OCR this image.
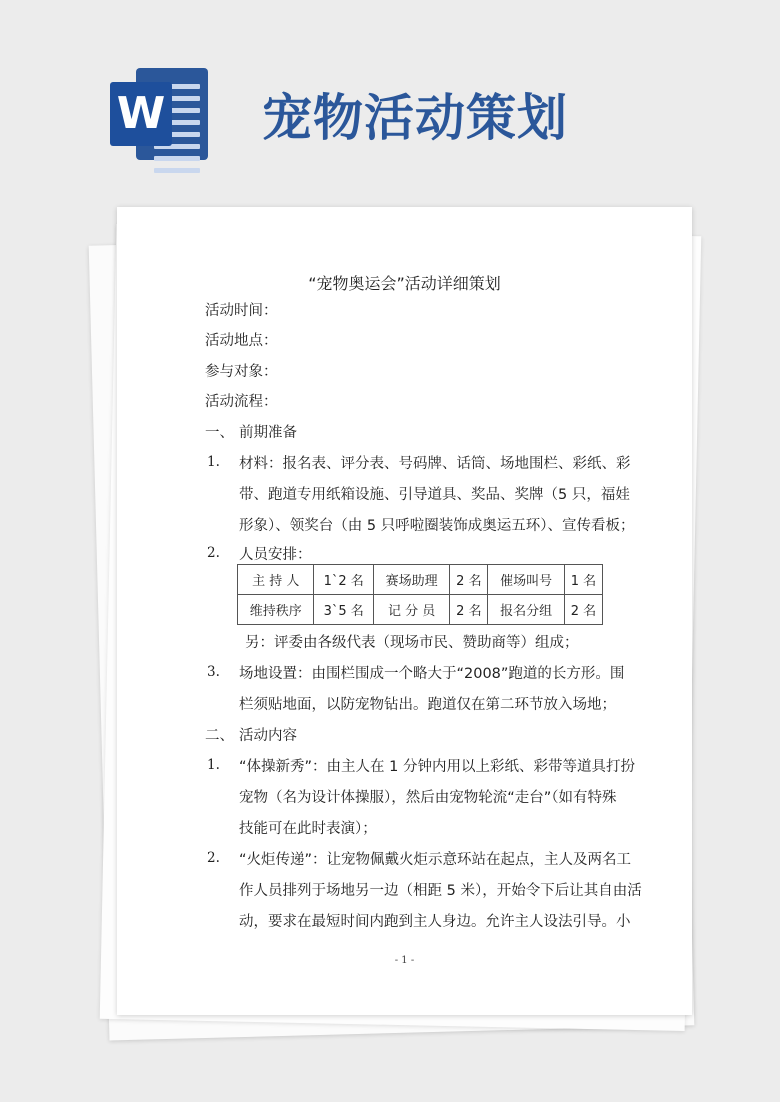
W 宠物活动策划
“宠物奥运会”活动详细策划
活动时间：
活动地点：
参与对象：
活动流程：
一、 前期准备
1. 材料：报名表、评分表、号码牌、话筒、场地围栏、彩纸、彩
带、跑道专用纸箱设施、引导道具、奖品、奖牌（5 只，福娃
形象）、领奖台（由 5 只呼啦圈装饰成奥运五环）、宣传看板；
2. 人员安排：
主 持 人	1`2 名	赛场助理	2 名	催场叫号	1 名
维持秩序	3`5 名	记 分 员	2 名	报名分组	2 名
另：评委由各级代表（现场市民、赞助商等）组成；
3. 场地设置：由围栏围成一个略大于“2008”跑道的长方形。围
栏须贴地面，以防宠物钻出。跑道仅在第二环节放入场地；
二、 活动内容
1. “体操新秀”：由主人在 1 分钟内用以上彩纸、彩带等道具打扮
宠物（名为设计体操服），然后由宠物轮流“走台”（如有特殊
技能可在此时表演）；
2. “火炬传递”：让宠物佩戴火炬示意环站在起点，主人及两名工
作人员排列于场地另一边（相距 5 米），开始令下后让其自由活
动，要求在最短时间内跑到主人身边。允许主人设法引导。小
- 1 -
